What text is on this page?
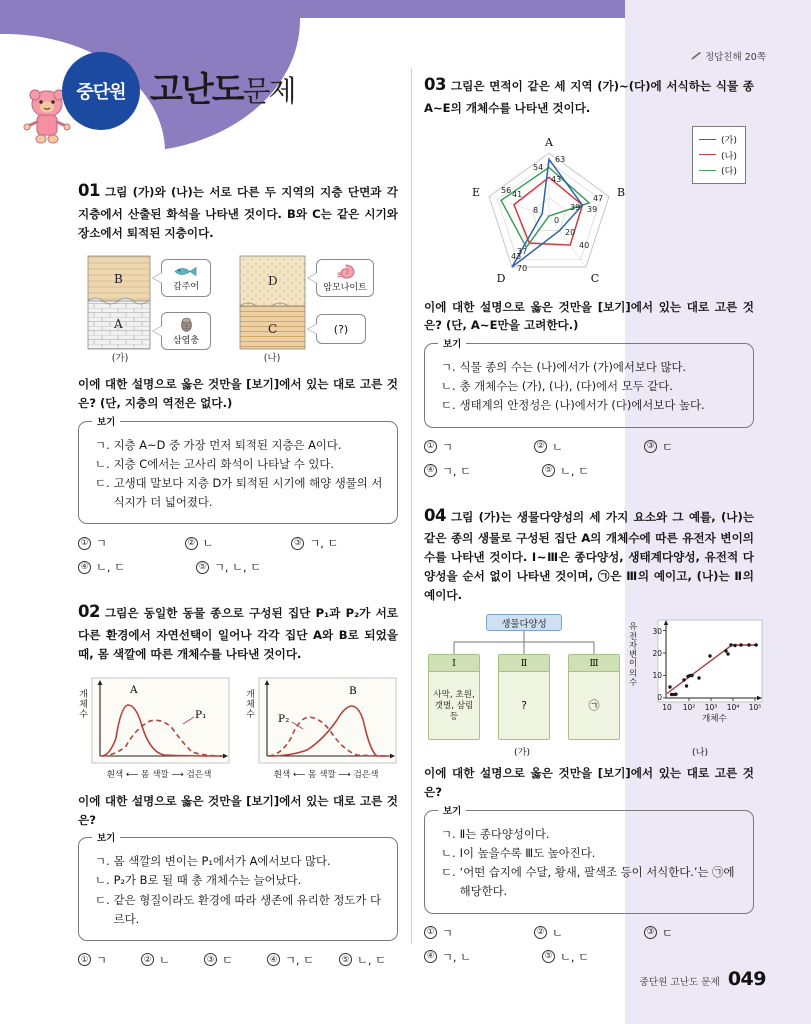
중단원 고난도문제
정답친해 20쪽
01 그림 (가)와 (나)는 서로 다른 두 지역의 지층 단면과 각 지층에서 산출된 화석을 나타낸 것이다. B와 C는 같은 시기와 장소에서 퇴적된 지층이다.
B
A
D
C
갑주어
삼엽충
암모나이트
(?)
(가)	(나)
이에 대한 설명으로 옳은 것만을 [보기]에서 있는 대로 고른 것은? (단, 지층의 역전은 없다.)
보기
ㄱ. 지층 A~D 중 가장 먼저 퇴적된 지층은 A이다.
ㄴ. 지층 C에서는 고사리 화석이 나타날 수 있다.
ㄷ. 고생대 말보다 지층 D가 퇴적된 시기에 해양 생물의 서식지가 더 넓어졌다.
① ㄱ	② ㄴ	③ ㄱ, ㄷ
④ ㄴ, ㄷ	⑤ ㄱ, ㄴ, ㄷ
02 그림은 동일한 동물 종으로 구성된 집단 P₁과 P₂가 서로 다른 환경에서 자연선택이 일어나 각각 집단 A와 B로 되었을 때, 몸 색깔에 따른 개체수를 나타낸 것이다.
개체수
A
P₁
흰색 ⟵ 몸 색깔 ⟶ 검은색
개체수 P₂
B
흰색 ⟵ 몸 색깔 ⟶ 검은색
이에 대한 설명으로 옳은 것만을 [보기]에서 있는 대로 고른 것은?
보기
ㄱ. 몸 색깔의 변이는 P₁에서가 A에서보다 많다.
ㄴ. P₂가 B로 될 때 총 개체수는 늘어났다.
ㄷ. 같은 형질이라도 환경에 따라 생존에 유리한 정도가 다르다.
① ㄱ	② ㄴ	③ ㄷ	④ ㄱ, ㄷ	⑤ ㄴ, ㄷ
03 그림은 면적이 같은 세 지역 (가)~(다)에 서식하는 식물 종 A~E의 개체수를 나타낸 것이다.
A
B
C
D
E
63
54
43
47
39
39
20
40
0
70
37
43
56 41
8
(가)
(나)
(다)
이에 대한 설명으로 옳은 것만을 [보기]에서 있는 대로 고른 것은? (단, A~E만을 고려한다.)
보기
ㄱ. 식물 종의 수는 (나)에서가 (가)에서보다 많다.
ㄴ. 총 개체수는 (가), (나), (다)에서 모두 같다.
ㄷ. 생태계의 안정성은 (나)에서가 (다)에서보다 높다.
① ㄱ	② ㄴ	③ ㄷ
④ ㄱ, ㄷ	⑤ ㄴ, ㄷ
04 그림 (가)는 생물다양성의 세 가지 요소와 그 예를, (나)는 같은 종의 생물로 구성된 집단 A의 개체수에 따른 유전자 변이의 수를 나타낸 것이다. Ⅰ~Ⅲ은 종다양성, 생태계다양성, 유전적 다양성을 순서 없이 나타낸 것이며, ㉠은 Ⅲ의 예이고, (나)는 Ⅱ의 예이다.
생물다양성
Ⅰ
사막, 초원, 갯벌, 삼림 등
Ⅱ
?
Ⅲ
㉠
(가)
유전자 변이의 수
0
10
20
30
10 10² 10³ 10⁴ 10⁵
개체수
(나)
이에 대한 설명으로 옳은 것만을 [보기]에서 있는 대로 고른 것은?
보기
ㄱ. Ⅱ는 종다양성이다.
ㄴ. Ⅰ이 높을수록 Ⅲ도 높아진다.
ㄷ. ‘어떤 습지에 수달, 황새, 팔색조 등이 서식한다.’는 ㉠에 해당한다.
① ㄱ	② ㄴ	③ ㄷ
④ ㄱ, ㄴ	⑤ ㄴ, ㄷ
중단원 고난도 문제 049
